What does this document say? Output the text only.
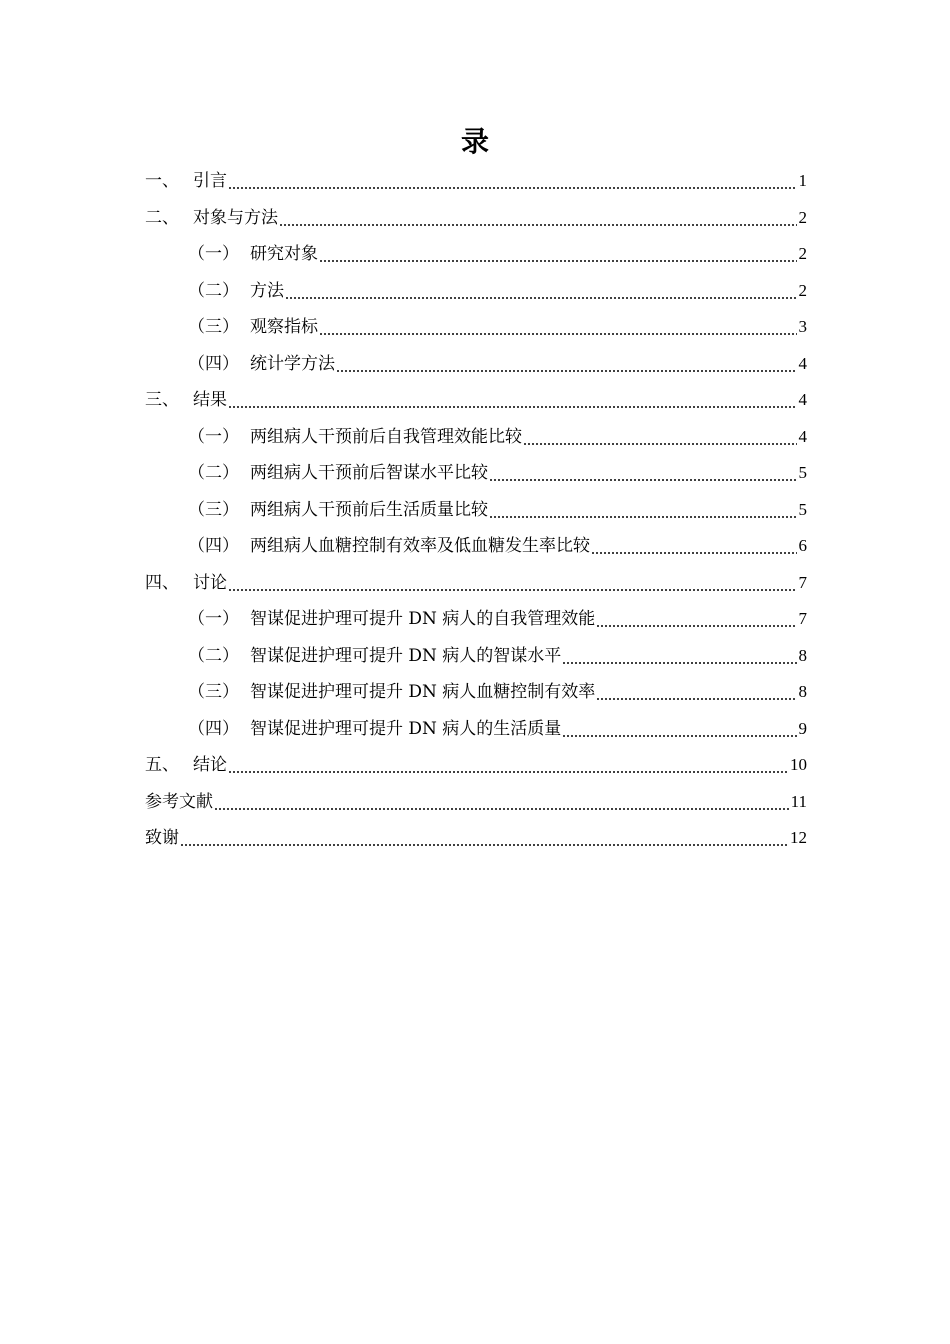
录
一、 引言	1
二、 对象与方法	2
（一） 研究对象	2
（二） 方法	2
（三） 观察指标	3
（四） 统计学方法	4
三、 结果	4
（一） 两组病人干预前后自我管理效能比较	4
（二） 两组病人干预前后智谋水平比较	5
（三） 两组病人干预前后生活质量比较	5
（四） 两组病人血糖控制有效率及低血糖发生率比较	6
四、 讨论	7
（一） 智谋促进护理可提升 DN 病人的自我管理效能	7
（二） 智谋促进护理可提升 DN 病人的智谋水平	8
（三） 智谋促进护理可提升 DN 病人血糖控制有效率	8
（四） 智谋促进护理可提升 DN 病人的生活质量	9
五、 结论	10
参考文献	11
致谢	12
